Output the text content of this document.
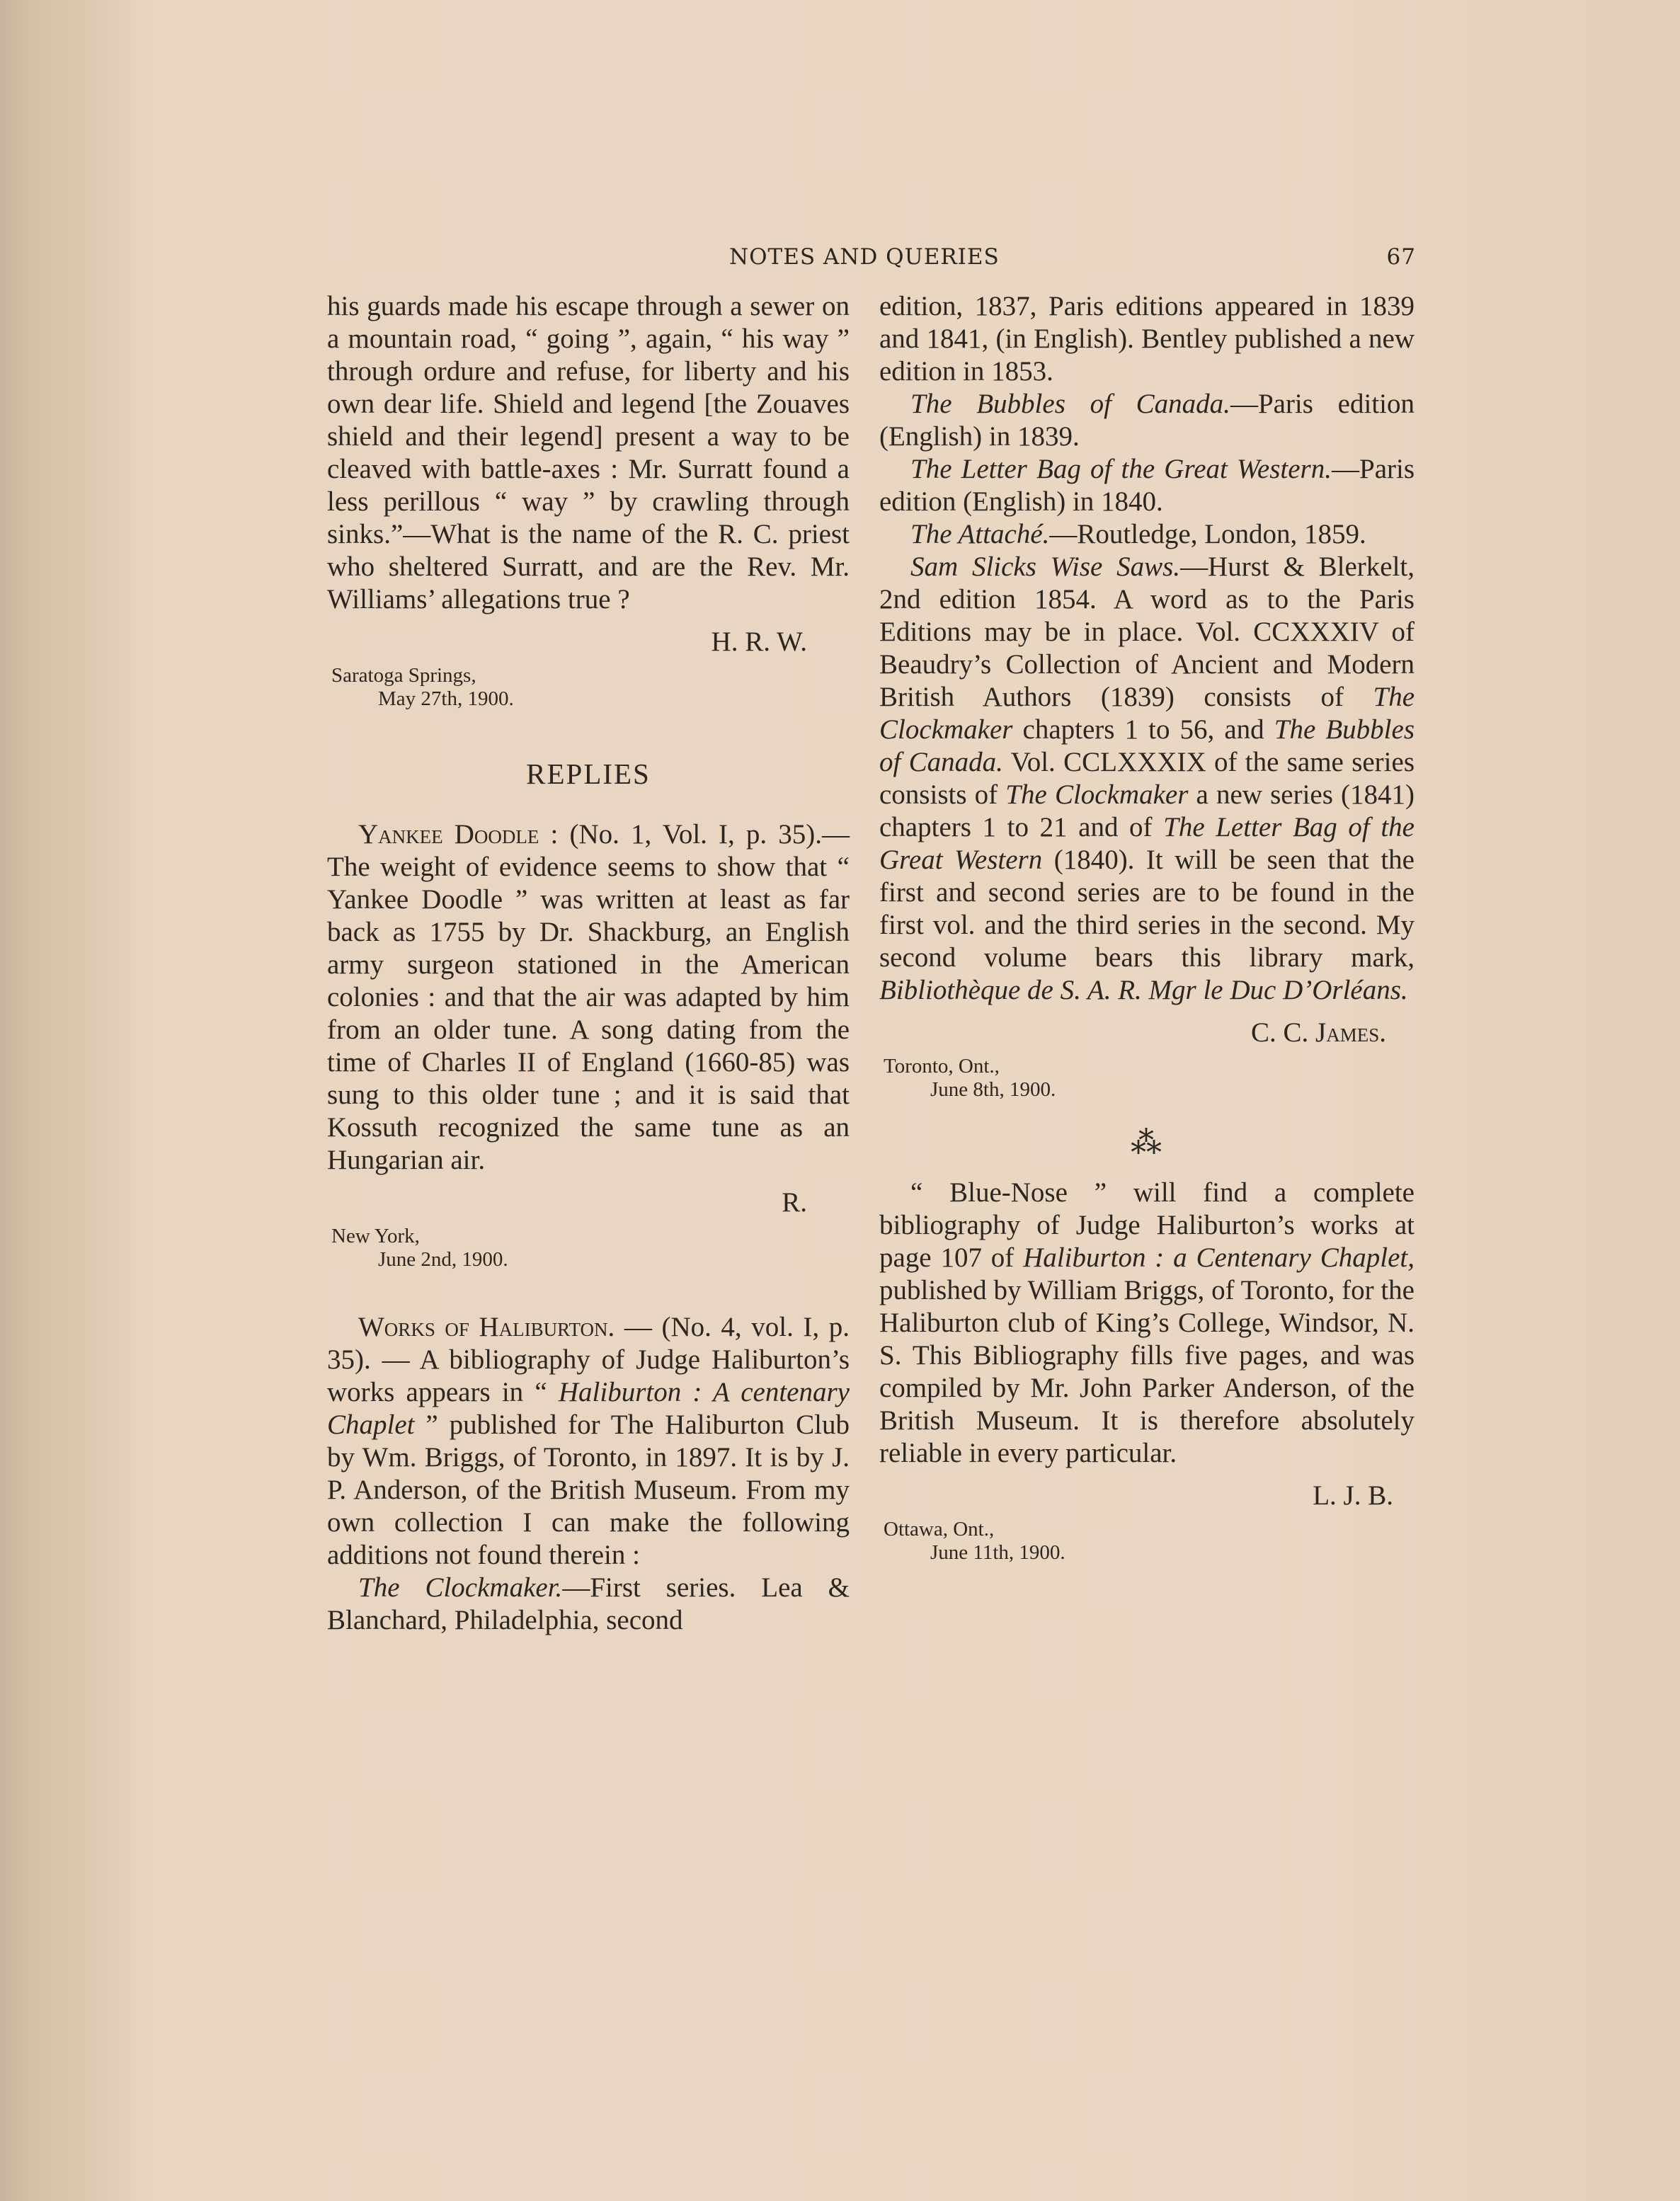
NOTES AND QUERIES	67

his guards made his escape through a sewer on a mountain road, “ going ”, again, “ his way ” through ordure and refuse, for liberty and his own dear life. Shield and legend [the Zouaves shield and their legend] present a way to be cleaved with battle-axes : Mr. Surratt found a less perillous “ way ” by crawling through sinks.”—What is the name of the R. C. priest who sheltered Surratt, and are the Rev. Mr. Williams’ allegations true ?

H. R. W.
Saratoga Springs,
May 27th, 1900.
REPLIES

Yankee Doodle : (No. 1, Vol. I, p. 35).—The weight of evidence seems to show that “ Yankee Doodle ” was written at least as far back as 1755 by Dr. Shackburg, an English army surgeon stationed in the American colonies : and that the air was adapted by him from an older tune. A song dating from the time of Charles II of England (1660-85) was sung to this older tune ; and it is said that Kossuth recognized the same tune as an Hungarian air.

R.
New York,
June 2nd, 1900.

Works of Haliburton. — (No. 4, vol. I, p. 35). — A bibliography of Judge Haliburton’s works appears in “ Haliburton : A centenary Chaplet ” published for The Haliburton Club by Wm. Briggs, of Toronto, in 1897. It is by J. P. Anderson, of the British Museum. From my own collection I can make the following additions not found therein :

The Clockmaker.—First series. Lea & Blanchard, Philadelphia, second

edition, 1837, Paris editions appeared in 1839 and 1841, (in English). Bentley published a new edition in 1853.

The Bubbles of Canada.—Paris edition (English) in 1839.

The Letter Bag of the Great Western.—Paris edition (English) in 1840.

The Attaché.—Routledge, London, 1859.

Sam Slicks Wise Saws.—Hurst & Blerkelt, 2nd edition 1854. A word as to the Paris Editions may be in place. Vol. CCXXXIV of Beaudry’s Collection of Ancient and Modern British Authors (1839) consists of The Clockmaker chapters 1 to 56, and The Bubbles of Canada. Vol. CCLXXXIX of the same series consists of The Clockmaker a new series (1841) chapters 1 to 21 and of The Letter Bag of the Great Western (1840). It will be seen that the first and second series are to be found in the first vol. and the third series in the second. My second volume bears this library mark, Bibliothèque de S. A. R. Mgr le Duc D’Orléans.

C. C. James.
Toronto, Ont.,
June 8th, 1900.
⁂

“ Blue-Nose ” will find a complete bibliography of Judge Haliburton’s works at page 107 of Haliburton : a Centenary Chaplet, published by William Briggs, of Toronto, for the Haliburton club of King’s College, Windsor, N. S. This Bibliography fills five pages, and was compiled by Mr. John Parker Anderson, of the British Museum. It is therefore absolutely reliable in every particular.

L. J. B.
Ottawa, Ont.,
June 11th, 1900.
